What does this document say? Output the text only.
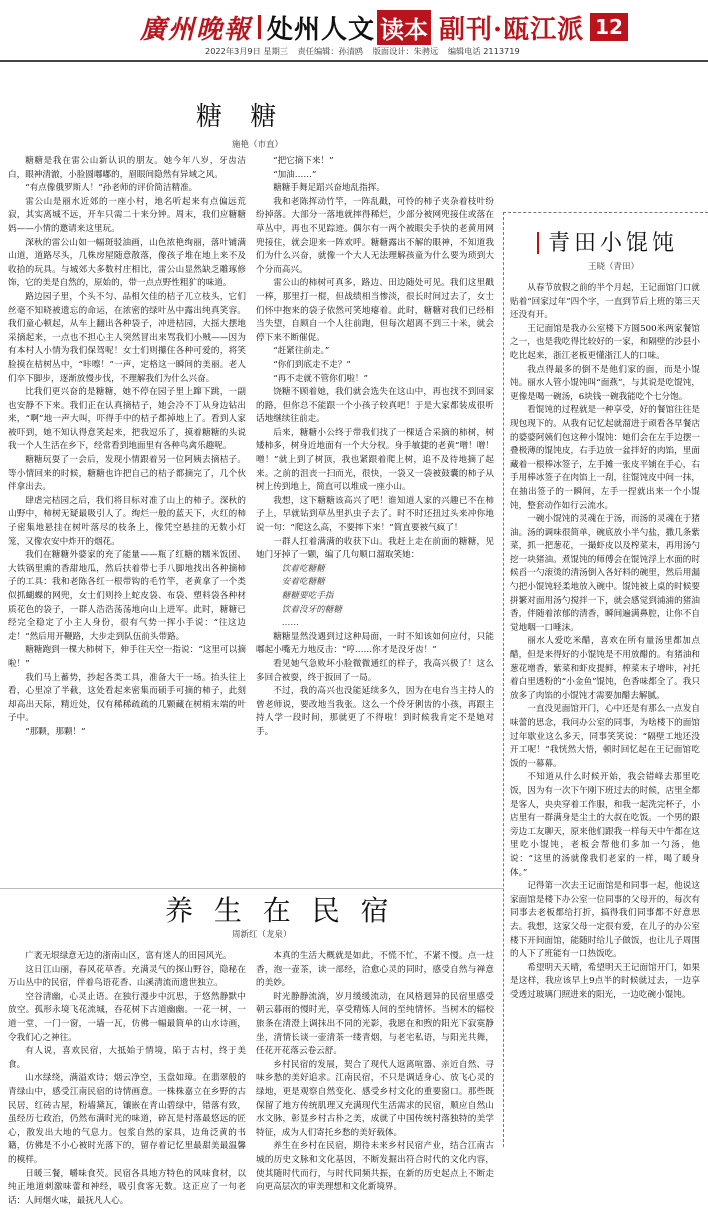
廣州晚報 处州人文 读本 副刊·瓯江派 12
2022年3月9日 星期三 责任编辑：孙清鸥 版面设计：朱骋远 编辑电话 2113719
糖 糖
施艳（市直）

糖糖是我在雷公山新认识的朋友。她今年八岁，牙齿洁白，眼神清澈，小脸圆嘟嘟的，眉眼间隐然有异域之风。

“有点像俄罗斯人！”孙老师的评价简洁精准。

雷公山是丽水近郊的一座小村，地名听起来有点偏远荒寂，其实离城不远，开车只需二十来分钟。周末，我们应糖糖妈——小情的邀请来这里玩。

深秋的雷公山如一幅斑驳油画，山色浓艳绚丽，落叶铺满山道，道路尽头，几株房屋随意散落，像孩子堆在地上来不及收拾的玩具。与城郊大多数村庄相比，雷公山显然缺乏雕琢修饰，它的美是自然的，原始的，带一点点野性粗犷的味道。

路边园子里，个头不匀、品相欠佳的桔子兀立枝头，它们丝毫不知晓被遗忘的命运，在浓密的绿叶丛中露出纯真笑容。我们童心顿起，从车上翻出各种袋子，冲进桔园，大摇大摆地采摘起来，一点也不担心主人突然冒出来骂我们小贼——因为有本村人小情为我们保驾呢！女士们则攥住各种可爱的，将笑脸摸在桔树丛中，“咔嚓！”一声，定格这一瞬间的美丽。老人们卒下脚步，逐渐放慢步伐，不理解我们为什么兴奋。

比我们更兴奋的是糖糖，她不停在园子里上蹿下跳，一副也安静不下来。我们正在认真摘桔子，她会冷不丁从身边钻出来，“啊”地一声大叫，吓得手中的桔子都掉地上了。看到人家被吓到，她不知认得意笑起来，把我逗乐了，摸着糖糖的头说我一个人生活在乡下，经常看到地面里有各种鸟禽乐趣呢。

糖糖玩耍了一会后，发现小情跟着另一位阿姨去摘桔子。等小情回来的时候，糖糖也许把自己的桔子都摘完了，几个伙伴拿出去。

肆虐完桔园之后，我们将目标对准了山上的柿子。深秋的山野中，柿树无疑最吸引人了。绚烂一般的蓝天下，火红的柿子密集地悬挂在树叶落尽的枝条上，像凭空悬挂的无数小灯笼，又像农安中炸开的烟花。

我们在糖糖外婆家的充了能量——瓶了红糖的糯米饭团、大铁锅里熏的香甜地瓜，然后扶着带七手八脚地找出各种摘柿子的工具：我和老陈各红一根带钩的毛竹竿，老黄拿了一个类似抓蝴蝶的网兜，女士们则拎上蛇皮袋、布袋、塑料袋各种材质花色的袋子，一群人浩浩荡荡地向山上进军。此时，糖糖已经完全稳定了小主人身份，很有气势一挥小手说：“往这边走！”然后用开鞭路，大步走到队伍前头带路。

糖糖跑到一棵大柿树下，伸手往天空一指说：“这里可以摘啦！”

我们马上蓄势，抄起各类工具，准备大干一场。抬头往上看，心里凉了半截，这处看起来密集而硕手可摘的柿子，此刻却高出天际，精近处，仅有稀稀疏疏的几颗藏在树梢末端的叶子中。

“那颗，那颗！”

“把它摘下来！”

“加油……”

糖糖手舞足蹈兴奋地乱指挥。

我和老陈挥动竹竿，一阵乱戳，可怜的柿子夹杂着枝叶纷纷掉落。大部分一落地就摔得稀烂，少部分被网兜接住或落在草丛中，再也不见踪迹。偶尔有一两个被眼尖手快的老黄用网兜接住，就会迎来一阵欢呼。糖糖露出不解的眼神，不知道我们为什么兴奋，就像一个大人无法理解孩童为什么要为琐到大个分而高兴。

雷公山的柿树可真多，路边、田边随处可见。我们这里戳一棒，那里打一棍，但战绩相当惨淡，很长时间过去了，女士们怀中抱来的袋子依然可笑地瘪着。此时，糖糖对我们已经相当失望，自顾自一个人往前跑，但每次超离不到三十米，就会停下来不断催促。

“赶紧往前走。”

“你们到底走不走？”

“再不走就不管你们啦！”

饶糖不顾着她，我们就会选失在这山中，再也找不到回家的路，但你总不能跟一个小孩子较真吧！于是大家都装成很听话地继续往前走。

后来，糖糖小公终于带我们找了一棵适合采摘的柿树，树矮柿多，树身近地面有一个大分杈。身手敏捷的老黄“噌！噌！噌！”就上到了树顶，我也紧跟着爬上树，追不及待地摘了起来。之前的沮丧一扫而光，很快，一袋又一袋被鼓囊的柿子从树上传到地上，简直可以堆成一座小山。

我想，这下糖糖该高兴了吧！谁知道人家的兴趣已不在柿子上，早就钻到草丛里扒虫子去了。时不时还扭过头来冲你地说一句：“爬这么高，不要摔下来！”简直要被气疯了！

一群人扛着满满的收获下山。我赶上走在前面的糖糖，见她门牙掉了一颗，编了几句顺口溜取笑她：

饮着吃糖糖

安着吃糖糖

糖糖要吃手指

饮着没牙的糖糖

……

糖糖显然没遇到过这种局面，一时不知该如何应付，只能嘟起小嘴无力地反击：“哼……你才是没牙齿！”

看见她气急败坏小脸微微通红的样子，我高兴极了！这么多回合被耍，终于扳回了一局。

不过，我的高兴也没能延续多久，因为在电台当主持人的曾老师说，要改地当我张。这么一个伶牙俐齿的小孩，再跟主持人学一段时间，那就更了不得啦！到时候我肯定不是她对手。

养 生 在 民 宿
周新红（龙泉）

广袤无垠绿意无边的浙南山区，富有迷人的田园风光。

这日江山丽，春风花草香。充满灵气的探山野谷，隐秘在万山丛中的民宿，伴着鸟语花香、山溪清流而遗世独立。

空谷清幽，心灵止语。在独行漫步中沉思，于悠然静默中放空。孤形永境飞花流城，吞花树下古道幽幽。一花一树，一道一堂，一门一窗，一墙一瓦，仿佛一幅最简单的山水诗画，令我们心之神往。

有人说，喜欢民宿，大抵始于情境，陷于古村，终于美食。

山水绿绕，满溢欢诗；烟云净空，玉盘如璋。在翡翠般的青绿山中，感受江南民宿的诗情画意。一株株嘉立在乡野的古民居，红砖古屋，粉墙黛瓦，镶嵌在青山碧绿中，错落有致，虽经历七政治，仍然布满时光的味道，碎瓦是村落最悠远的匠心，散发出大地的气息力。包浆自然的家具，边角泛黄的书籍，仿佛是不小心被时光落下的，留存着记忆里最甜美最温馨的模样。

日暖三餐，嚼味食芡。民宿各具地方特色的风味食材，以纯正地道刺激味蕾和神经，吸引食客无数。这正应了一句老话：人间烟火味，最抚凡人心。

本真的生活大概就是如此，不慌不忙，不紧不慢。点一炷香，泡一壶茶，读一部经，洽愈心灵的同时，感受自然与禅意的美妙。

时光静静流淌，岁月缓缓流动，在风格迥异的民宿里感受朝云暮雨的慢时光，享受精炼人间的至纯情怀。当树木的辐校旅条在清澄上调抹出不同的光影，我愿在和煦的阳光下寂寞静坐，清情长谈一壶清茶一缕青烟，与老宅私语，与阳光共舞，任花开花落云卷云舒。

乡村民宿的发展，契合了现代人返离喧器、亲近自然、寻味乡愁的美好追求。江南民宿，不只是调适身心、放飞心灵的绿地，更是观察自然变化、感受乡村文化的重要窗口。那些既保留了地方传统肌理又充满现代生活需求的民宿，顺应自然山水文脉，彰显乡村古朴之美，成就了中国传统村落独特的美学特征，成为人们寄托乡愁的美好载体。

养生在乡村在民宿，期待未来乡村民宿产业，结合江南古城的历史文脉和文化基因，不断发掘出符合时代的文化内容，使其随时代而行，与时代同频共振，在新的历史起点上不断走向更高层次的审美理想和文化新境界。

青田小馄饨
王晓（青田）

从春节放假之前的半个月起，王记面馆门口就贴着“回家过年”四个字，一直到节后上班的第三天还没有开。

王记面馆是我办公室楼下方圆500米两家餐馆之一，也是我吃得比较好的一家，和隔壁的沙县小吃比起来，浙江老板更懂浙江人的口味。

我点得最多的倒不是他们家的面，而是小馄饨。丽水人管小馄饨叫“面燕”，与其说是吃馄饨，更像是喝一碗汤，6块钱一碗我能吃个七分饱。

看馄饨的过程就是一种享受，好的餐馆往往是现包现下的。从我有记忆起就溜进于顽看各早餐店的婆婆阿姨们包这种小馄饨：她们会在左手边摆一叠极薄的馄饨皮，右手边放一盆拌好的肉馅，里面藏着一根棒冰签子，左手摊一张皮平铺在手心，右手用棒冰签子在肉馅上一刮，往馄饨皮中间一抹，在抽出签子的一瞬间，左手一捏就出来一个小馄饨，整套动作如行云流水。

一碗小馄饨的灵魂在于汤，而汤的灵魂在于猪油。汤的调味很简单，碗底放小半勺盐，撒几条紫菜，抓一把葱花，一撮虾皮以及榨菜末，再用汤勺挖一块猪油。煮馄饨的师傅会在馄饨浮上水面的时候舀一勺滚烫的清汤倒入各好料的碗里，然后用漏勺把小馄饨轻柔地放入碗中。馄饨被上桌的时候要拼繁对面用汤勺搅拌一下，就会感觉到浦浦的猪油香，伴随着浓郁的清香，瞬间遍满鼻腔，让你不自觉地咽一口唾沫。

丽水人爱吃米醋，喜欢在所有量汤里都加点醋，但是来得好的小馄饨是不用放醋的。有猪油和葱花增香，紫菜和虾皮提鲜，榨菜末子增咔，衬托着白里透粉的“小金鱼”馄饨，色香味都全了。我只放多了肉馅的小馄饨才需要加醋去解腻。

一直没见面馆开门，心中还是有那么一点发自味蕾的思念，我问办公室的同事，为啥楼下的面馆过年歇业这么多天，同事笑笑说：“隔壁工地还没开工呢！”我恍然大悟，顿时回忆起在王记面馆吃饭的一幕幕。

不知道从什么时候开始，我会错峰去那里吃饭，因为有一次下午刚下班过去的时候，店里全都是客人，央央穿着工作服，和我一起洗完杯子，小店里有一群满身是尘土的大叔在吃饭。一个男的跟旁边工友聊天，原来他们跟我一样每天中午都在这里吃小馄饨，老板会帮他们多加一勺汤，他说：“这里的汤就像我们老家的一样，喝了暖身体。”

记得第一次去王记面馆是和同事一起，他说这家面馆是楼下办公室一位同事的父母开的，每次有同事去老板都给打折，搞得我们同事都不好意思去。我想，这家父母一定很有爱，在儿子的办公室楼下开间面馆，能随时给儿子做饭，也让儿子周围的人下了班能有一口热饭吃。

希望明天天晴，希望明天王记面馆开门，如果是这样，我应该早上9点半的时候就过去，一边享受透过玻璃门照进来的阳光，一边吃碗小馄饨。
